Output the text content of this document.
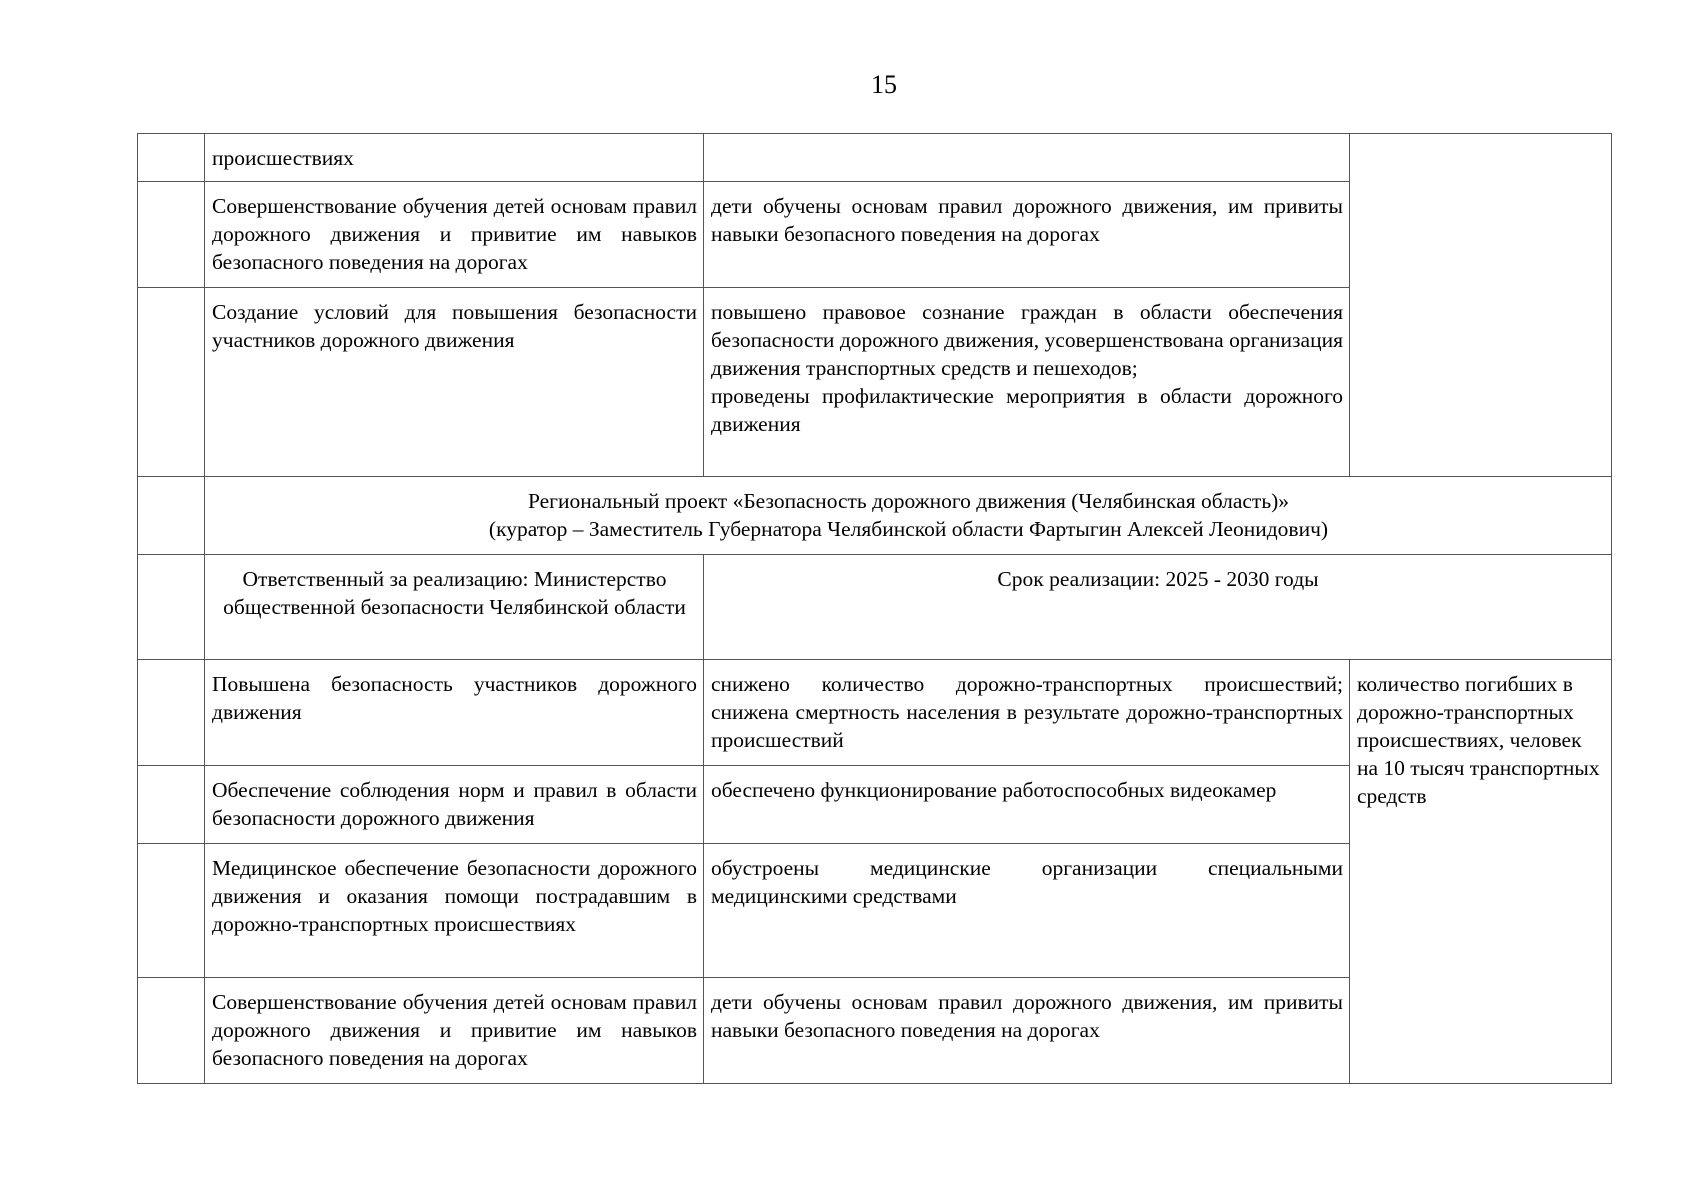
15
	происшествиях		
	Совершенствование обучения детей основам правил дорожного движения и привитие им навыков безопасного поведения на дорогах	дети обучены основам правил дорожного движения, им привиты навыки безопасного поведения на дорогах	
	Создание условий для повышения безопасности участников дорожного движения	повышено правовое сознание граждан в области обеспечения безопасности дорожного движения, усовершенствована организация движения транспортных средств и пешеходов;
проведены профилактические мероприятия в области дорожного движения	

	Региональный проект «Безопасность дорожного движения (Челябинская область)»
(куратор – Заместитель Губернатора Челябинской области Фартыгин Алексей Леонидович)		

	Ответственный за реализацию: Министерство общественной безопасности Челябинской области	Срок реализации: 2025 - 2030 годы	
	Повышена безопасность участников дорожного движения	снижено количество дорожно-транспортных происшествий; снижена смертность населения в результате дорожно-транспортных происшествий	количество погибших в дорожно-транспортных происшествиях, человек на 10 тысяч транспортных средств
	Обеспечение соблюдения норм и правил в области безопасности дорожного движения	обеспечено функционирование работоспособных видеокамер	
	Медицинское обеспечение безопасности дорожного движения и оказания помощи пострадавшим в дорожно-транспортных происшествиях	обустроены медицинские организации специальными медицинскими средствами	
	Совершенствование обучения детей основам правил дорожного движения и привитие им навыков безопасного поведения на дорогах	дети обучены основам правил дорожного движения, им привиты навыки безопасного поведения на дорогах	
